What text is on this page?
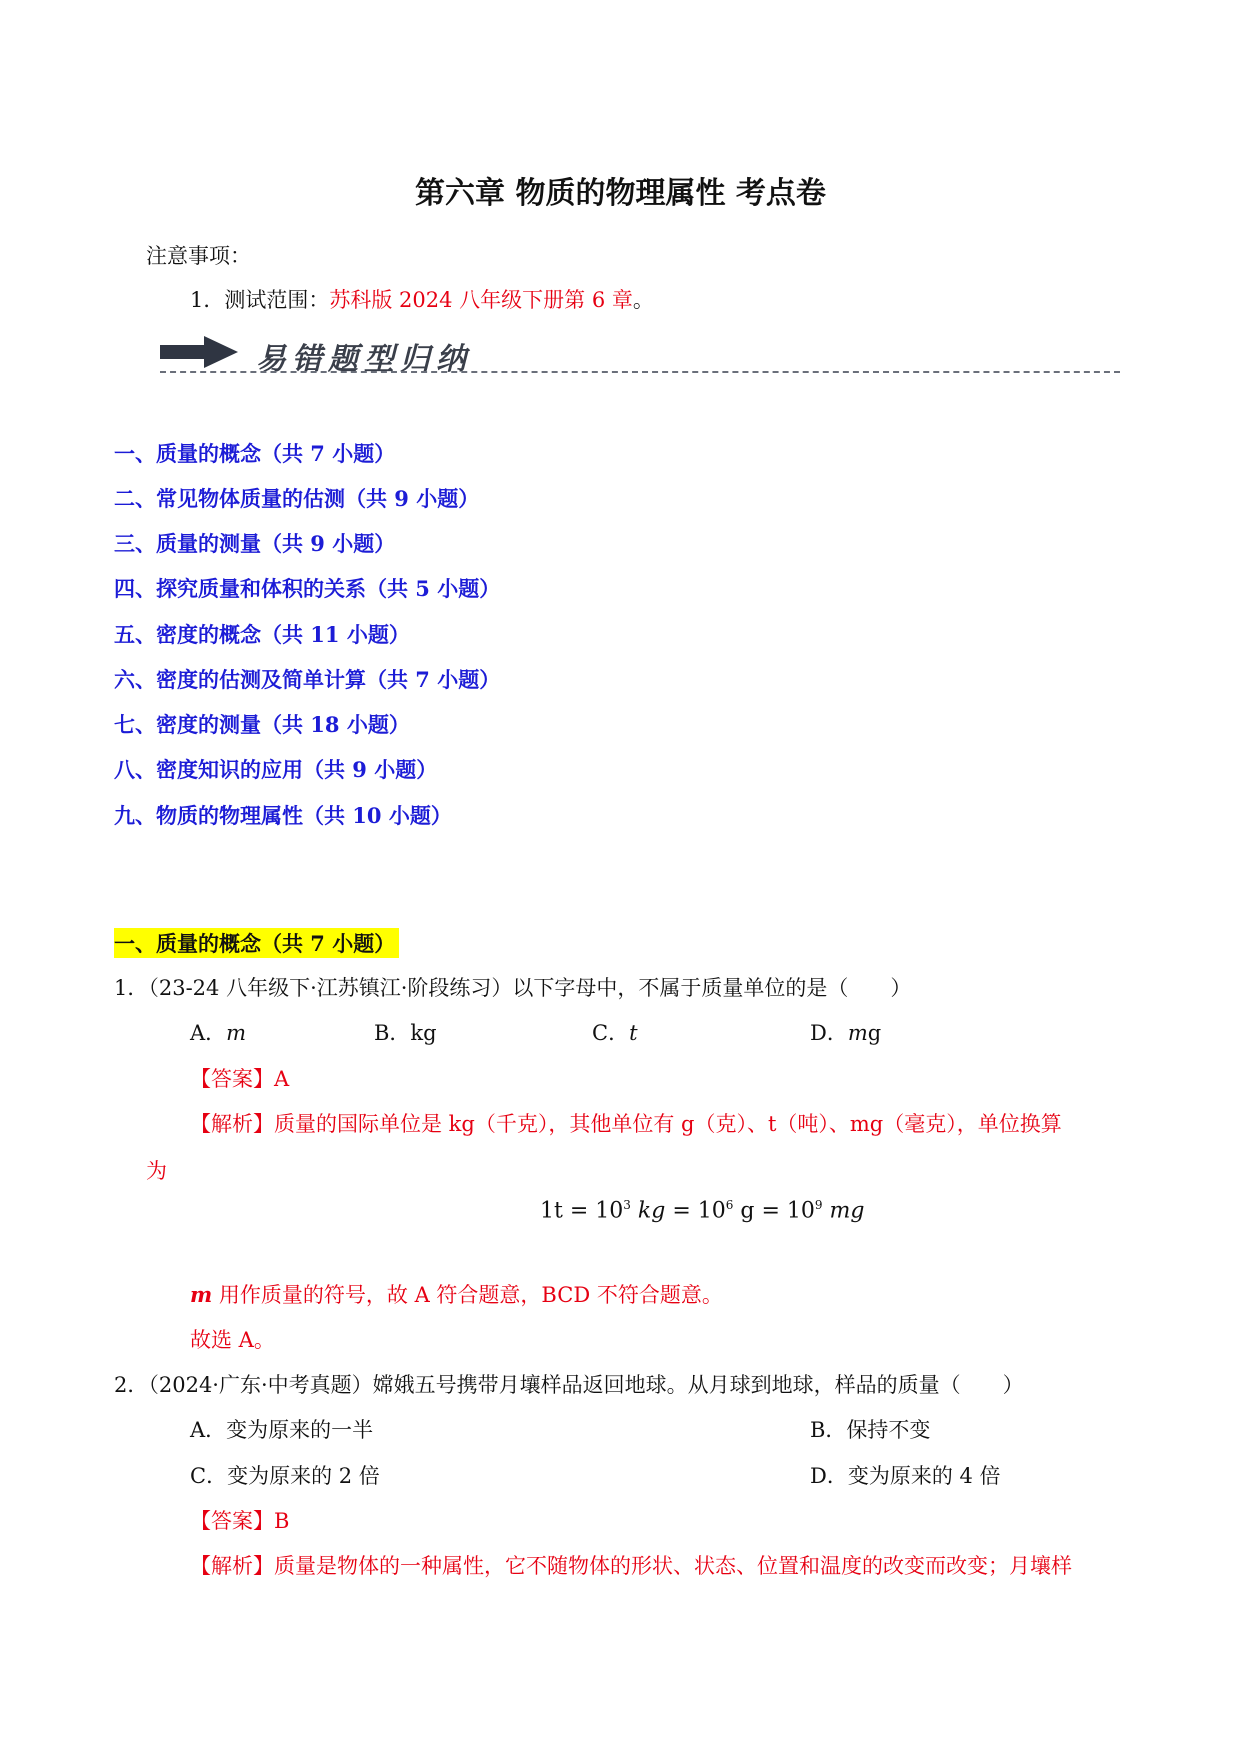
第六章 物质的物理属性 考点卷
注意事项：
1．测试范围：苏科版 2024 八年级下册第 6 章。
易错题型归纳
一、质量的概念（共 7 小题）
二、常见物体质量的估测（共 9 小题）
三、质量的测量（共 9 小题）
四、探究质量和体积的关系（共 5 小题）
五、密度的概念（共 11 小题）
六、密度的估测及简单计算（共 7 小题）
七、密度的测量（共 18 小题）
八、密度知识的应用（共 9 小题）
九、物质的物理属性（共 10 小题）
一、质量的概念（共 7 小题）
1．（23-24 八年级下·江苏镇江·阶段练习）以下字母中，不属于质量单位的是（　　）
A．m	B．kg	C．t	D．mg
【答案】A
【解析】质量的国际单位是 kg（千克），其他单位有 g（克）、t（吨）、mg（毫克），单位换算
为
$1t = 10^3$ kg = $10^6$ $g = 10^9$ mg
m 用作质量的符号，故 A 符合题意，BCD 不符合题意。
故选 A。
2．（2024·广东·中考真题）嫦娥五号携带月壤样品返回地球。从月球到地球，样品的质量（　　）
A．变为原来的一半	B．保持不变
C．变为原来的 2 倍	D．变为原来的 4 倍
【答案】B
【解析】质量是物体的一种属性，它不随物体的形状、状态、位置和温度的改变而改变；月壤样
